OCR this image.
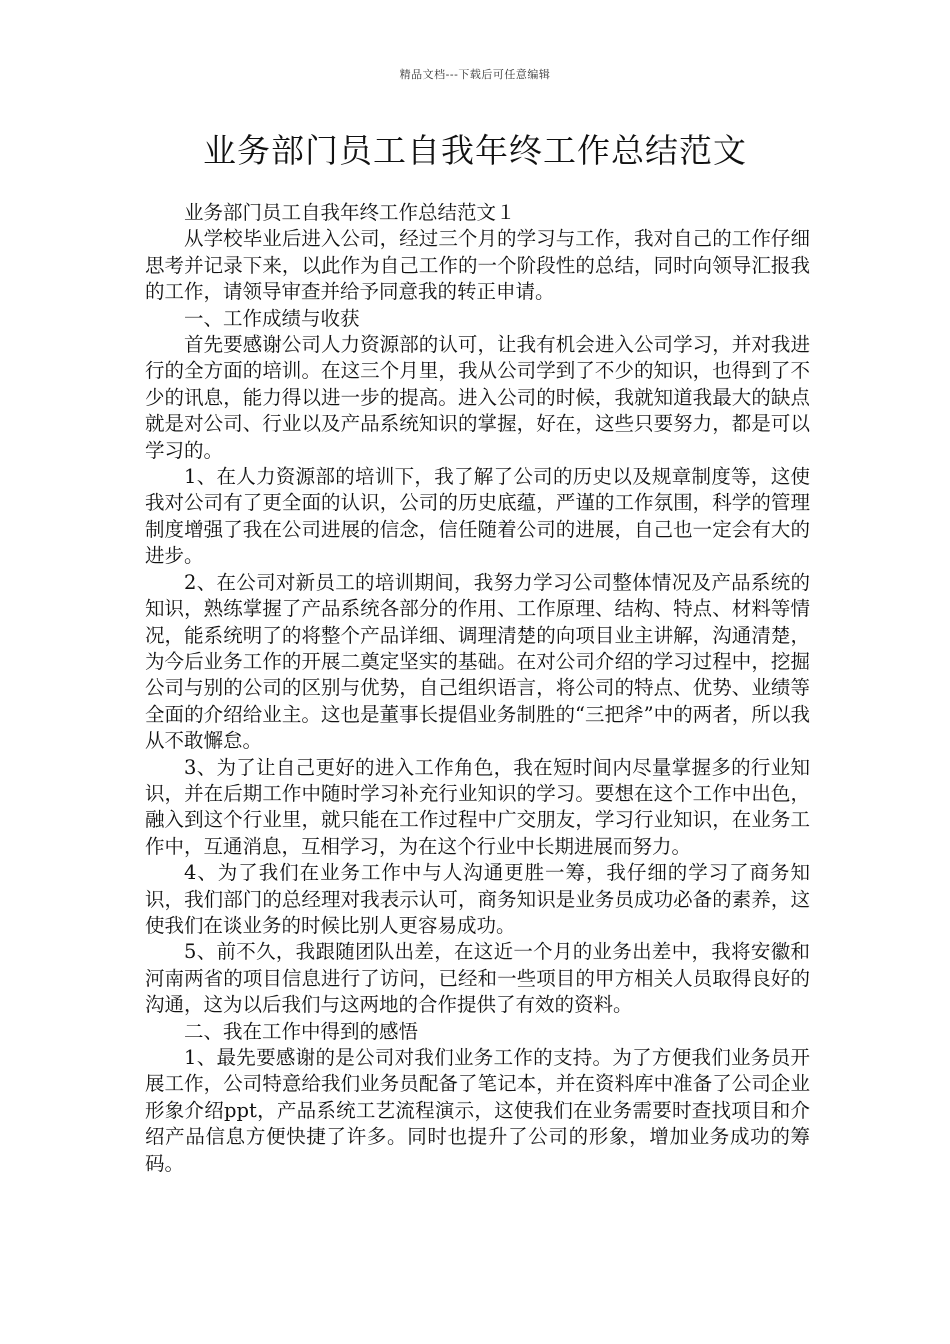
精品文档---下载后可任意编辑
业务部门员工自我年终工作总结范文

业务部门员工自我年终工作总结范文１

从学校毕业后进入公司，经过三个月的学习与工作，我对自己的工作仔细思考并记录下来，以此作为自己工作的一个阶段性的总结，同时向领导汇报我的工作，请领导审查并给予同意我的转正申请。

一、工作成绩与收获

首先要感谢公司人力资源部的认可，让我有机会进入公司学习，并对我进行的全方面的培训。在这三个月里，我从公司学到了不少的知识，也得到了不少的讯息，能力得以进一步的提高。进入公司的时候，我就知道我最大的缺点就是对公司、行业以及产品系统知识的掌握，好在，这些只要努力，都是可以学习的。

1、在人力资源部的培训下，我了解了公司的历史以及规章制度等，这使我对公司有了更全面的认识，公司的历史底蕴，严谨的工作氛围，科学的管理制度增强了我在公司进展的信念，信任随着公司的进展，自己也一定会有大的进步。

2、在公司对新员工的培训期间，我努力学习公司整体情况及产品系统的知识，熟练掌握了产品系统各部分的作用、工作原理、结构、特点、材料等情况，能系统明了的将整个产品详细、调理清楚的向项目业主讲解，沟通清楚，为今后业务工作的开展二奠定坚实的基础。在对公司介绍的学习过程中，挖掘公司与别的公司的区别与优势，自己组织语言，将公司的特点、优势、业绩等全面的介绍给业主。这也是董事长提倡业务制胜的“三把斧”中的两者，所以我从不敢懈怠。

3、为了让自己更好的进入工作角色，我在短时间内尽量掌握多的行业知识，并在后期工作中随时学习补充行业知识的学习。要想在这个工作中出色，融入到这个行业里，就只能在工作过程中广交朋友，学习行业知识，在业务工作中，互通消息，互相学习，为在这个行业中长期进展而努力。

4、为了我们在业务工作中与人沟通更胜一筹，我仔细的学习了商务知识，我们部门的总经理对我表示认可，商务知识是业务员成功必备的素养，这使我们在谈业务的时候比别人更容易成功。

5、前不久，我跟随团队出差，在这近一个月的业务出差中，我将安徽和河南两省的项目信息进行了访问，已经和一些项目的甲方相关人员取得良好的沟通，这为以后我们与这两地的合作提供了有效的资料。

二、我在工作中得到的感悟

1、最先要感谢的是公司对我们业务工作的支持。为了方便我们业务员开展工作，公司特意给我们业务员配备了笔记本，并在资料库中准备了公司企业形象介绍ppt，产品系统工艺流程演示，这使我们在业务需要时查找项目和介绍产品信息方便快捷了许多。同时也提升了公司的形象，增加业务成功的筹码。
